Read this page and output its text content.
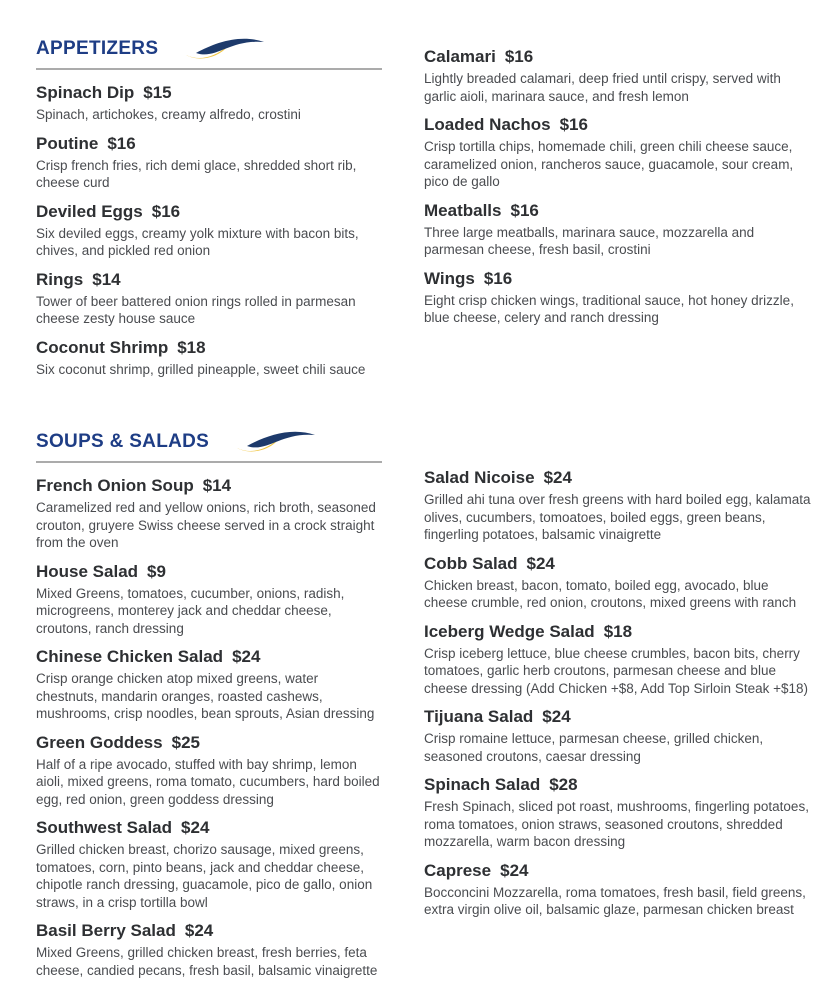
APPETIZERS
Spinach Dip $15

Spinach, artichokes, creamy alfredo, crostini

Poutine $16

Crisp french fries, rich demi glace, shredded short rib, cheese curd

Deviled Eggs $16

Six deviled eggs, creamy yolk mixture with bacon bits, chives, and pickled red onion

Rings $14

Tower of beer battered onion rings rolled in parmesan cheese zesty house sauce

Coconut Shrimp $18

Six coconut shrimp, grilled pineapple, sweet chili sauce

Calamari $16

Lightly breaded calamari, deep fried until crispy, served with garlic aioli, marinara sauce, and fresh lemon

Loaded Nachos $16

Crisp tortilla chips, homemade chili, green chili cheese sauce, caramelized onion, rancheros sauce, guacamole, sour cream, pico de gallo

Meatballs $16

Three large meatballs, marinara sauce, mozzarella and parmesan cheese, fresh basil, crostini

Wings $16

Eight crisp chicken wings, traditional sauce, hot honey drizzle, blue cheese, celery and ranch dressing

SOUPS & SALADS
French Onion Soup $14

Caramelized red and yellow onions, rich broth, seasoned crouton, gruyere Swiss cheese served in a crock straight from the oven

House Salad $9

Mixed Greens, tomatoes, cucumber, onions, radish, microgreens, monterey jack and cheddar cheese, croutons, ranch dressing

Chinese Chicken Salad $24

Crisp orange chicken atop mixed greens, water chestnuts, mandarin oranges, roasted cashews, mushrooms, crisp noodles, bean sprouts, Asian dressing

Green Goddess $25

Half of a ripe avocado, stuffed with bay shrimp, lemon aioli, mixed greens, roma tomato, cucumbers, hard boiled egg, red onion, green goddess dressing

Southwest Salad $24

Grilled chicken breast, chorizo sausage, mixed greens, tomatoes, corn, pinto beans, jack and cheddar cheese, chipotle ranch dressing, guacamole, pico de gallo, onion straws, in a crisp tortilla bowl

Basil Berry Salad $24

Mixed Greens, grilled chicken breast, fresh berries, feta cheese, candied pecans, fresh basil, balsamic vinaigrette

Salad Nicoise $24

Grilled ahi tuna over fresh greens with hard boiled egg, kalamata olives, cucumbers, tomoatoes, boiled eggs, green beans, fingerling potatoes, balsamic vinaigrette

Cobb Salad $24

Chicken breast, bacon, tomato, boiled egg, avocado, blue cheese crumble, red onion, croutons, mixed greens with ranch

Iceberg Wedge Salad $18

Crisp iceberg lettuce, blue cheese crumbles, bacon bits, cherry tomatoes, garlic herb croutons, parmesan cheese and blue cheese dressing (Add Chicken +$8, Add Top Sirloin Steak +$18)

Tijuana Salad $24

Crisp romaine lettuce, parmesan cheese, grilled chicken, seasoned croutons, caesar dressing

Spinach Salad $28

Fresh Spinach, sliced pot roast, mushrooms, fingerling potatoes, roma tomatoes, onion straws, seasoned croutons, shredded mozzarella, warm bacon dressing

Caprese $24

Bocconcini Mozzarella, roma tomatoes, fresh basil, field greens, extra virgin olive oil, balsamic glaze, parmesan chicken breast
